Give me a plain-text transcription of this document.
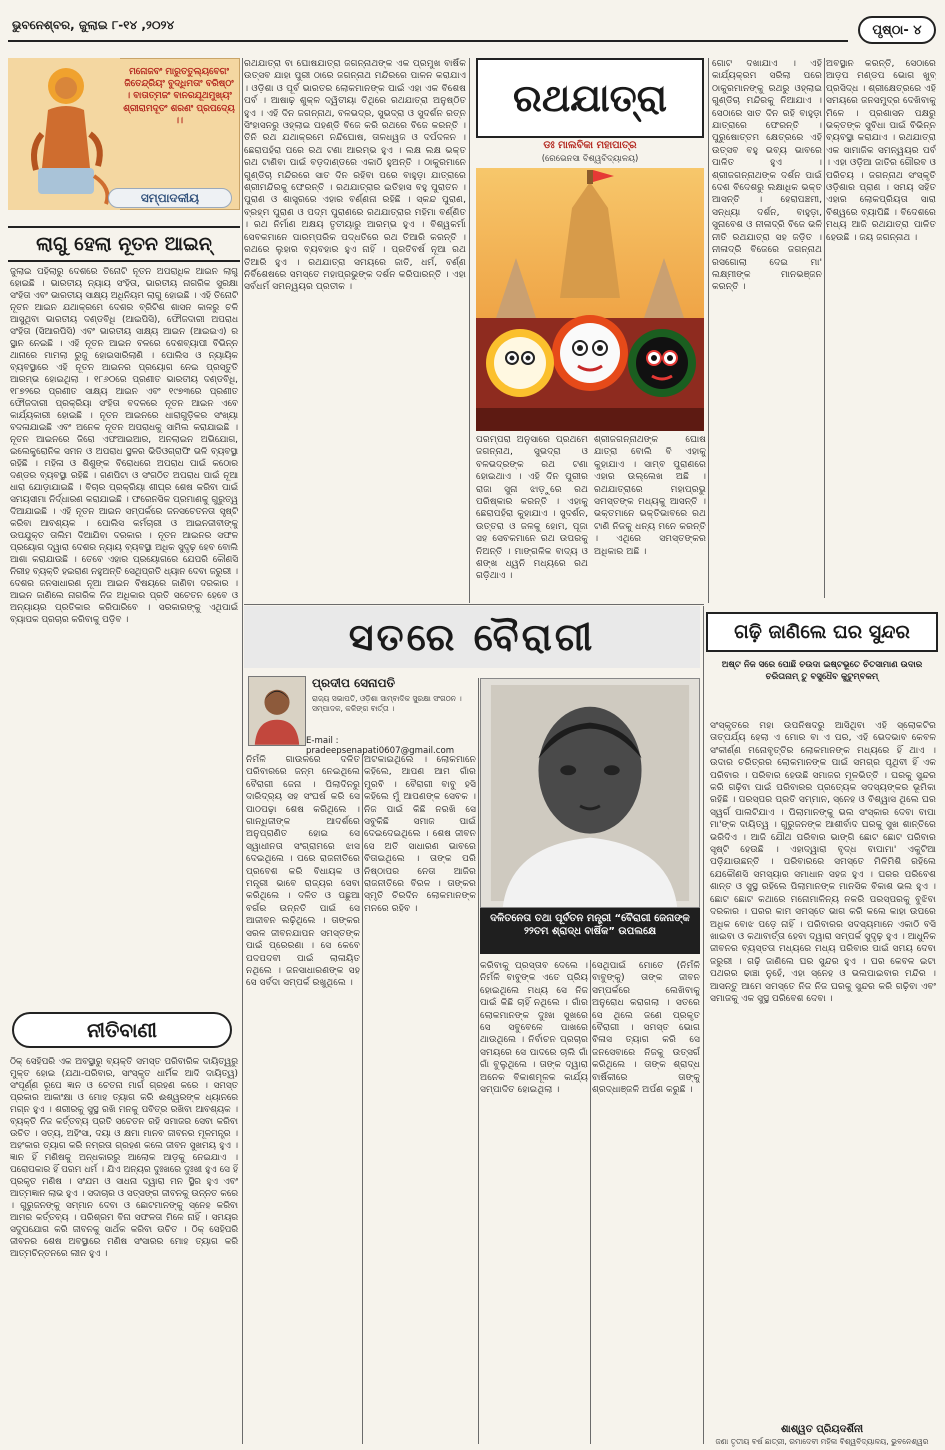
ଭୁବନେଶ୍ବର, ଜୁଲାଇ ୮-୧୪ ,୨୦୨୪	ପୃଷ୍ଠା- ୪
ମନୋଜବଂ ମାରୁତତୁଲ୍ୟବେଗଂ ଜିତେନ୍ଦ୍ରିୟଂ ବୁଦ୍ଧିମତାଂ ବରିଷ୍ଠଂ । ବାତାତ୍ମଜଂ ବାନରଯୂଥମୁଖ୍ୟଂ ଶ୍ରୀରାମଦୂତଂ ଶରଣଂ ପ୍ରପଦ୍ୟେ ।।
ସମ୍ପାଦକୀୟ
ଲାଗୁ ହେଲା ନୂତନ ଆଇନ୍
ଜୁଲାଇ ପହିଲାରୁ ଦେଶରେ ତିନୋଟି ନୂତନ ଅପରାଧିକ ଆଇନ ଲାଗୁ ହୋଇଛି । ଭାରତୀୟ ନ୍ୟାୟ ସଂହିତା, ଭାରତୀୟ ନାଗରିକ ସୁରକ୍ଷା ସଂହିତା ଏବଂ ଭାରତୀୟ ସାକ୍ଷ୍ୟ ଅଧିନିୟମ ଲାଗୁ ହୋଇଛି । ଏହି ତିନୋଟି ନୂତନ ଆଇନ ଯଥାକ୍ରମେ ଦେଶର ବ୍ରିଟିଶ ଶାସନ କାଳରୁ ଚଳି ଆସୁଥିବା ଭାରତୀୟ ଦଣ୍ଡବିଧି (ଆଇପିସି), ଫୌଜଦାରୀ ଅପରାଧ ସଂହିତା (ସିଆରପିସି) ଏବଂ ଭାରତୀୟ ସାକ୍ଷ୍ୟ ଆଇନ (ଆଇଇଏ) ର ସ୍ଥାନ ନେଇଛି । ଏହି ନୂତନ ଆଇନ ବଳରେ ଦେଶବ୍ୟାପୀ ବିଭିନ୍ନ ଥାନାରେ ମାମଲା ରୁଜୁ ହୋଇସାରିଲାଣି । ପୋଲିସ ଓ ନ୍ୟାୟିକ ବ୍ୟବସ୍ଥାରେ ଏହି ନୂତନ ଆଇନର ପ୍ରୟୋଗ ନେଇ ପ୍ରସ୍ତୁତି ଆରମ୍ଭ ହୋଇଥିଲା । ୧୮୬୦ରେ ପ୍ରଣୀତ ଭାରତୀୟ ଦଣ୍ଡବିଧି, ୧୮୭୨ରେ ପ୍ରଣୀତ ସାକ୍ଷ୍ୟ ଆଇନ ଏବଂ ୧୯୭୩ରେ ପ୍ରଣୀତ ଫୌଜଦାରୀ ପ୍ରକ୍ରିୟା ସଂହିତା ବଦଳରେ ନୂତନ ଆଇନ ଏବେ କାର୍ଯ୍ୟକାରୀ ହୋଇଛି । ନୂତନ ଆଇନରେ ଧାରାଗୁଡ଼ିକର ସଂଖ୍ୟା ବଦଳାଯାଇଛି ଏବଂ ଅନେକ ନୂତନ ଅପରାଧକୁ ସାମିଲ କରାଯାଇଛି । ନୂତନ ଆଇନରେ ଜିରୋ ଏଫଆଇଆର, ଅନଲାଇନ ଅଭିଯୋଗ, ଇଲେକ୍ଟ୍ରୋନିକ ସମନ ଓ ଅପରାଧ ସ୍ଥଳର ଭିଡିଓଗ୍ରାଫି ଭଳି ବ୍ୟବସ୍ଥା ରହିଛି । ମହିଳା ଓ ଶିଶୁଙ୍କ ବିରୋଧରେ ଅପରାଧ ପାଇଁ କଠୋର ଦଣ୍ଡର ବ୍ୟବସ୍ଥା ରହିଛି । ଗଣପିଟା ଓ ସଂଗଠିତ ଅପରାଧ ପାଇଁ ନୂଆ ଧାରା ଯୋଡ଼ାଯାଇଛି । ବିଚାର ପ୍ରକ୍ରିୟା ଶୀଘ୍ର ଶେଷ କରିବା ପାଇଁ ସମୟସୀମା ନିର୍ଦ୍ଧାରଣ କରାଯାଇଛି । ଫରେନସିକ ପ୍ରମାଣକୁ ଗୁରୁତ୍ୱ ଦିଆଯାଇଛି । ଏହି ନୂତନ ଆଇନ ସମ୍ପର୍କରେ ଜନସଚେତନତା ସୃଷ୍ଟି କରିବା ଆବଶ୍ୟକ । ପୋଲିସ କର୍ମଚାରୀ ଓ ଆଇନଜୀବୀଙ୍କୁ ଉପଯୁକ୍ତ ତାଲିମ ଦିଆଯିବା ଦରକାର । ନୂତନ ଆଇନର ସଫଳ ପ୍ରୟୋଗ ଦ୍ୱାରା ଦେଶର ନ୍ୟାୟ ବ୍ୟବସ୍ଥା ଅଧିକ ସୁଦୃଢ଼ ହେବ ବୋଲି ଆଶା କରାଯାଉଛି । ତେବେ ଏହାର ପ୍ରୟୋଗରେ ଯେପରି କୌଣସି ନିରୀହ ବ୍ୟକ୍ତି ହଇରାଣ ନହୁଅନ୍ତି ସେଥିପ୍ରତି ଧ୍ୟାନ ଦେବା ଜରୁରୀ । ଦେଶର ଜନସାଧାରଣ ନୂଆ ଆଇନ ବିଷୟରେ ଜାଣିବା ଦରକାର । ଆଇନ ଜାଣିଲେ ନାଗରିକ ନିଜ ଅଧିକାର ପ୍ରତି ସଚେତନ ହେବେ ଓ ଅନ୍ୟାୟର ପ୍ରତିକାର କରିପାରିବେ । ସରକାରଙ୍କୁ ଏଥିପାଇଁ ବ୍ୟାପକ ପ୍ରଚାର କରିବାକୁ ପଡ଼ିବ ।
ନୀତିବାଣୀ
ଠିକ୍ ସେହିପରି ଏକ ଅବସ୍ଥାରୁ ବ୍ୟକ୍ତି ସମସ୍ତ ପରିବାରିକ ଦାୟିତ୍ୱରୁ ମୁକ୍ତ ହୋଇ (ଯଥା-ପରିବାର, ସାଂସ୍କୃତ ଧାର୍ମିକ ଆଦି ଦାୟିତ୍ୱ) ସଂପୂର୍ଣ୍ଣ ରୂପେ ଜ୍ଞାନ ଓ ଚେତନା ମାର୍ଗ ଗ୍ରହଣ କରେ । ସମସ୍ତ ପ୍ରକାର ଆକାଂକ୍ଷା ଓ ମୋହ ତ୍ୟାଗ କରି ଈଶ୍ୱରଙ୍କ ଧ୍ୟାନରେ ମଗ୍ନ ହୁଏ । ଶରୀରକୁ ସୁସ୍ଥ ରଖି ମନକୁ ପବିତ୍ର ରଖିବା ଆବଶ୍ୟକ । ବ୍ୟକ୍ତି ନିଜ କର୍ତ୍ତବ୍ୟ ପ୍ରତି ସଚେତନ ରହି ସମାଜର ସେବା କରିବା ଉଚିତ । ସତ୍ୟ, ଅହିଂସା, ଦୟା ଓ କ୍ଷମା ମାନବ ଜୀବନର ମୂଳମନ୍ତ୍ର । ଅହଂକାର ତ୍ୟାଗ କରି ନମ୍ରତା ଗ୍ରହଣ କଲେ ଜୀବନ ସୁଖମୟ ହୁଏ । ଜ୍ଞାନ ହିଁ ମଣିଷକୁ ଅନ୍ଧକାରରୁ ଆଲୋକ ଆଡ଼କୁ ନେଇଯାଏ । ପରୋପକାର ହିଁ ପରମ ଧର୍ମ । ଯିଏ ଅନ୍ୟର ଦୁଃଖରେ ଦୁଃଖୀ ହୁଏ ସେ ହିଁ ପ୍ରକୃତ ମଣିଷ । ସଂଯମ ଓ ସାଧନା ଦ୍ୱାରା ମନ ସ୍ଥିର ହୁଏ ଏବଂ ଆତ୍ମଜ୍ଞାନ ଲାଭ ହୁଏ । ସଦାଚାର ଓ ସତ୍‌ସଙ୍ଗ ଜୀବନକୁ ଉନ୍ନତ କରେ । ଗୁରୁଜନଙ୍କୁ ସମ୍ମାନ ଦେବା ଓ ଛୋଟମାନଙ୍କୁ ସ୍ନେହ କରିବା ଆମର କର୍ତ୍ତବ୍ୟ । ପରିଶ୍ରମ ବିନା ସଫଳତା ମିଳେ ନାହିଁ । ସମୟର ସଦୁପଯୋଗ କରି ଜୀବନକୁ ସାର୍ଥକ କରିବା ଉଚିତ । ଠିକ୍ ସେହିପରି ଜୀବନର ଶେଷ ଅବସ୍ଥାରେ ମଣିଷ ସଂସାରର ମୋହ ତ୍ୟାଗ କରି ଆତ୍ମଚିନ୍ତନରେ ଲୀନ ହୁଏ ।
ରଥଯାତ୍ରା ବା ଘୋଷଯାତ୍ରା ଜଗନ୍ନାଥଙ୍କ ଏକ ପ୍ରମୁଖ ବାର୍ଷିକ ଉତ୍ସବ ଯାହା ପୁରୀ ଠାରେ ଜଗନ୍ନାଥ ମନ୍ଦିରରେ ପାଳନ କରାଯାଏ । ଓଡ଼ିଶା ଓ ପୂର୍ବ ଭାରତର ଲୋକମାନଙ୍କ ପାଇଁ ଏହା ଏକ ବିଶେଷ ପର୍ବ । ଆଷାଢ଼ ଶୁକ୍ଳ ଦ୍ୱିତୀୟା ତିଥିରେ ରଥଯାତ୍ରା ଅନୁଷ୍ଠିତ ହୁଏ । ଏହି ଦିନ ଜଗନ୍ନାଥ, ବଳଭଦ୍ର, ସୁଭଦ୍ରା ଓ ସୁଦର୍ଶନ ରତ୍ନ ସିଂହାସନରୁ ଓହ୍ଲାଇ ପହଣ୍ଡି ବିଜେ କରି ରଥରେ ବିଜେ କରନ୍ତି । ତିନି ରଥ ଯଥାକ୍ରମେ ନନ୍ଦିଘୋଷ, ତାଳଧ୍ୱଜ ଓ ଦର୍ପଦଳନ । ଛେରାପହଁରା ପରେ ରଥ ଟଣା ଆରମ୍ଭ ହୁଏ । ଲକ୍ଷ ଲକ୍ଷ ଭକ୍ତ ରଥ ଟାଣିବା ପାଇଁ ବଡ଼ଦାଣ୍ଡରେ ଏକାଠି ହୁଅନ୍ତି । ଠାକୁରମାନେ ଗୁଣ୍ଡିଚା ମନ୍ଦିରରେ ସାତ ଦିନ ରହିବା ପରେ ବାହୁଡ଼ା ଯାତ୍ରାରେ ଶ୍ରୀମନ୍ଦିରକୁ ଫେରନ୍ତି । ରଥଯାତ୍ରାର ଇତିହାସ ବହୁ ପୁରାତନ । ପୁରାଣ ଓ ଶାସ୍ତ୍ରରେ ଏହାର ବର୍ଣ୍ଣନା ରହିଛି । ସ୍କନ୍ଦ ପୁରାଣ, ବ୍ରହ୍ମ ପୁରାଣ ଓ ପଦ୍ମ ପୁରାଣରେ ରଥଯାତ୍ରାର ମହିମା ବର୍ଣ୍ଣିତ । ରଥ ନିର୍ମାଣ ଅକ୍ଷୟ ତୃତୀୟାରୁ ଆରମ୍ଭ ହୁଏ । ବିଶ୍ୱକର୍ମା ସେବକମାନେ ପାରମ୍ପରିକ ପଦ୍ଧତିରେ ରଥ ତିଆରି କରନ୍ତି । ରଥରେ ଲୁହାର ବ୍ୟବହାର ହୁଏ ନାହିଁ । ପ୍ରତିବର୍ଷ ନୂଆ ରଥ ତିଆରି ହୁଏ । ରଥଯାତ୍ରା ସମୟରେ ଜାତି, ଧର୍ମ, ବର୍ଣ୍ଣ ନିର୍ବିଶେଷରେ ସମସ୍ତେ ମହାପ୍ରଭୁଙ୍କ ଦର୍ଶନ କରିପାରନ୍ତି । ଏହା ସର୍ବଧର୍ମ ସମନ୍ୱୟର ପ୍ରତୀକ ।
ରଥଯାତ୍ରା
ଡଃ ମାଲବିକା ମହାପାତ୍ର
(ରେଭେନସା ବିଶ୍ୱବିଦ୍ୟାଳୟ)
ପରମ୍ପରା ଅନୁସାରେ ପ୍ରଥମେ ଜଗନ୍ନାଥ, ସୁଭଦ୍ରା ଓ ବଳଭଦ୍ରଙ୍କ ରଥ ଟଣା ହୋଇଥାଏ । ଏହି ଦିନ ପୁରୀର ରାଜା ସୁନା ଝାଡ଼ୁରେ ରଥ ପରିଷ୍କାର କରନ୍ତି । ଏହାକୁ ଛେରାପହଁରା କୁହାଯାଏ । ସୁଦର୍ଶନ, ଉତ୍ତରା ଓ ଜଳକୁ ହୋମ, ପୂଜା ସହ ସେବକମାନେ ରଥ ଉପରକୁ ନିଅନ୍ତି । ମାଙ୍ଗଳିକ ବାଦ୍ୟ ଓ ଶଙ୍ଖ ଧ୍ୱନି ମଧ୍ୟରେ ରଥ ଗଡ଼ିଥାଏ ।
ଶ୍ରୀଜଗନ୍ନାଥଙ୍କ ଘୋଷ ଯାତ୍ରା ବୋଲି ବି ଏହାକୁ କୁହାଯାଏ । ସାମ୍ବ ପୁରାଣରେ ଏହାର ଉଲ୍ଲେଖ ଅଛି । ରଥଯାତ୍ରାରେ ମହାପ୍ରଭୁ ସମସ୍ତଙ୍କ ମଧ୍ୟକୁ ଆସନ୍ତି । ଭକ୍ତମାନେ ଭକ୍ତିଭାବରେ ରଥ ଟାଣି ନିଜକୁ ଧନ୍ୟ ମନେ କରନ୍ତି । ଏଥିରେ ସମସ୍ତଙ୍କର ଅଧିକାର ଅଛି ।
ଗୋଟ ଦଖାଯାଏ । ଏହି କାର୍ଯ୍ୟକ୍ରମ ସରିଲା ପରେ ଠାକୁରମାନଙ୍କୁ ରଥରୁ ଓହ୍ଲାଇ ଗୁଣ୍ଡିଚା ମନ୍ଦିରକୁ ନିଆଯାଏ । ସେଠାରେ ସାତ ଦିନ ରହି ବାହୁଡ଼ା ଯାତ୍ରାରେ ଫେରନ୍ତି । ପୁରୁଷୋତ୍ତମ କ୍ଷେତ୍ରରେ ଏହି ଉତ୍ସବ ବହୁ ଭବ୍ୟ ଭାବରେ ପାଳିତ ହୁଏ । ଶ୍ରୀଜଗନ୍ନାଥଙ୍କ ଦର୍ଶନ ପାଇଁ ଦେଶ ବିଦେଶରୁ ଲକ୍ଷାଧିକ ଭକ୍ତ ଆସନ୍ତି । ହେରାପଞ୍ଚମୀ, ସନ୍ଧ୍ୟା ଦର୍ଶନ, ବାହୁଡ଼ା, ସୁନାବେଶ ଓ ନୀଳାଦ୍ରି ବିଜେ ଭଳି ନୀତି ରଥଯାତ୍ରା ସହ ଜଡ଼ିତ । ନୀଳାଦ୍ରି ବିଜେରେ ଜଗନ୍ନାଥ ରସଗୋଲା ଦେଇ ମା' ଲକ୍ଷ୍ମୀଙ୍କ ମାନଭଞ୍ଜନ କରନ୍ତି ।
ଅବସ୍ଥାନ କରନ୍ତି, ସେଠାରେ ଆଡ଼ପ ମଣ୍ଡପ ଭୋଗ ଖୁବ୍ ପ୍ରସିଦ୍ଧ । ଶ୍ରୀକ୍ଷେତ୍ରରେ ଏହି ସମୟରେ ଜନସମୁଦ୍ର ଦେଖିବାକୁ ମିଳେ । ପ୍ରଶାସନ ପକ୍ଷରୁ ଭକ୍ତଙ୍କ ସୁବିଧା ପାଇଁ ବିଭିନ୍ନ ବ୍ୟବସ୍ଥା କରାଯାଏ । ରଥଯାତ୍ରା ଏକ ସାମାଜିକ ସମନ୍ୱୟର ପର୍ବ । ଏହା ଓଡ଼ିଆ ଜାତିର ଗୌରବ ଓ ପରିଚୟ । ଜଗନ୍ନାଥ ସଂସ୍କୃତି ଓଡ଼ିଶାର ପ୍ରାଣ । ସମୟ ସହିତ ଏହାର ଲୋକପ୍ରିୟତା ସାରା ବିଶ୍ୱରେ ବ୍ୟାପିଛି । ବିଦେଶରେ ମଧ୍ୟ ଆଜି ରଥଯାତ୍ରା ପାଳିତ ହେଉଛି । ଜୟ ଜଗନ୍ନାଥ ।
ସତରେ ବୈରାଗୀ
ପ୍ରଦୀପ ସେନାପତି
ରାଜ୍ୟ ସଭାପତି, ଓଡ଼ିଶା ସାମ୍ବାଦିକ ସୁରକ୍ଷା ସଂଗଠନ । ସମ୍ପାଦକ, କଳିଙ୍ଗ ବାର୍ତ୍ତା ।
E-mail : pradeepsenapati0607@gmail.com
ନିର୍ମଳି ଗାଉଳରେ ଦଳିତ ପରିବାରରେ ଜନ୍ମ ନେଇଥିଲେ ବୈରାଗୀ ଜେନା । ପିଲାଦିନରୁ ଦାରିଦ୍ର୍ୟ ସହ ସଂଘର୍ଷ କରି ସେ ପାଠପଢ଼ା ଶେଷ କରିଥିଲେ । ଗାନ୍ଧିଜୀଙ୍କ ଆଦର୍ଶରେ ଅନୁପ୍ରାଣିତ ହୋଇ ସେ ସ୍ୱାଧୀନତା ସଂଗ୍ରାମରେ ଝାସ ଦେଇଥିଲେ । ପରେ ରାଜନୀତିରେ ପ୍ରବେଶ କରି ବିଧାୟକ ଓ ମନ୍ତ୍ରୀ ଭାବେ ରାଜ୍ୟର ସେବା କରିଥିଲେ । ଦଳିତ ଓ ପଛୁଆ ବର୍ଗର ଉନ୍ନତି ପାଇଁ ସେ ଆଜୀବନ ଲଢ଼ିଥିଲେ । ତାଙ୍କର ସରଳ ଜୀବନଯାପନ ସମସ୍ତଙ୍କ ପାଇଁ ପ୍ରେରଣା । ସେ କେବେ ପଦପଦବୀ ପାଇଁ ଲାଳାୟିତ ନଥିଲେ । ଜନସାଧାରଣଙ୍କ ସହ ସେ ସର୍ବଦା ସମ୍ପର୍କ ରଖୁଥିଲେ ।
ଅଟକାଇଥିଲେ । ଲୋକମାନେ କହିଲେ, ଆପଣ ଆମ ଗାଁର ମୁରବି । ବୈରାଗୀ ବାବୁ ହସି କହିଲେ ମୁଁ ଆପଣଙ୍କ ସେବକ । ନିଜ ପାଇଁ କିଛି ନରଖି ସେ ସବୁକିଛି ସମାଜ ପାଇଁ ଦେଇଦେଇଥିଲେ । ଶେଷ ଜୀବନ ସେ ଅତି ସାଧାରଣ ଭାବରେ ବିତାଇଥିଲେ । ତାଙ୍କ ପରି ନିଷ୍ଠାପର ନେତା ଆଜିର ରାଜନୀତିରେ ବିରଳ । ତାଙ୍କର ସ୍ମୃତି ଚିରଦିନ ଲୋକମାନଙ୍କ ମନରେ ରହିବ ।
ଦଳିତନେତା ତଥା ପୂର୍ବତନ ମନ୍ତ୍ରୀ “ବୈରାଗୀ ଜେନାଙ୍କ ୨୨ତମ ଶ୍ରାଦ୍ଧ ବାର୍ଷିକ” ଉପଲକ୍ଷେ
କରିବାକୁ ପ୍ରସ୍ତାବ ଦେଲେ । ନିର୍ମଳି ବାବୁଙ୍କ ଏତେ ପ୍ରିୟ ହୋଇଥିଲେ ମଧ୍ୟ ସେ ନିଜ ପାଇଁ କିଛି ଚାହିଁ ନଥିଲେ । ଗାଁର ଲୋକମାନଙ୍କ ଦୁଃଖ ସୁଖରେ ସେ ସବୁବେଳେ ପାଖରେ ଥାଉଥିଲେ । ନିର୍ବାଚନ ପ୍ରଚାର ସମୟରେ ସେ ପାଦରେ ଚାଲି ଗାଁ ଗାଁ ବୁଲୁଥିଲେ । ତାଙ୍କ ଦ୍ୱାରା ଅନେକ ବିକାଶମୂଳକ କାର୍ଯ୍ୟ ସମ୍ପାଦିତ ହୋଇଥିଲା ।
ସେଥିପାଇଁ ମୋତେ (ନିର୍ମଳି ବାବୁଙ୍କୁ) ତାଙ୍କ ଜୀବନ ସମ୍ପର୍କରେ ଲେଖିବାକୁ ଅନୁରୋଧ କରାଗଲା । ସତରେ ସେ ଥିଲେ ଜଣେ ପ୍ରକୃତ ବୈରାଗୀ । ସମସ୍ତ ଭୋଗ ବିଳାସ ତ୍ୟାଗ କରି ସେ ଜନସେବାରେ ନିଜକୁ ଉତ୍ସର୍ଗ କରିଥିଲେ । ତାଙ୍କ ଶ୍ରାଦ୍ଧ ବାର୍ଷିକୀରେ ତାଙ୍କୁ ଶ୍ରଦ୍ଧାଞ୍ଜଳି ଅର୍ପଣ କରୁଛି ।
ଗଢ଼ି ଜାଣିଲେ ଘର ସୁନ୍ଦର
ଅଷ୍ଟ ନିଜ ସରେ ପୋଛି ଚଉଦା ଇଷ୍ଟଭୂତେ ଚିତସାମାଣ ଉଦାର ଚରିତାନାମ୍ ତୁ ବସୁଧୈବ କୁଟୁମ୍ବକମ୍
ସଂସ୍କୃତରେ ମହା ଉପନିଷଦରୁ ଆସିଥିବା ଏହି ସ୍ଲୋକଟିର ତାତ୍ପର୍ଯ୍ୟ ହେଲା ଏ ମୋର ବା ଏ ପର, ଏହି ଭେଦଭାବ କେବଳ ସଂକୀର୍ଣ୍ଣ ମନୋବୃତ୍ତିର ଲୋକମାନଙ୍କ ମଧ୍ୟରେ ହିଁ ଥାଏ । ଉଦାର ଚରିତ୍ରର ଲୋକମାନଙ୍କ ପାଇଁ ସମଗ୍ର ପୃଥିବୀ ହିଁ ଏକ ପରିବାର । ପରିବାର ହେଉଛି ସମାଜର ମୂଳଭିତ୍ତି । ଘରକୁ ସୁନ୍ଦର କରି ଗଢ଼ିବା ପାଇଁ ପରିବାରର ପ୍ରତ୍ୟେକ ସଦସ୍ୟଙ୍କର ଭୂମିକା ରହିଛି । ପରସ୍ପର ପ୍ରତି ସମ୍ମାନ, ସ୍ନେହ ଓ ବିଶ୍ୱାସ ଥିଲେ ଘର ସ୍ୱର୍ଗ ପାଲଟିଯାଏ । ପିଲାମାନଙ୍କୁ ଭଲ ସଂସ୍କାର ଦେବା ବାପା ମା'ଙ୍କ ଦାୟିତ୍ୱ । ଗୁରୁଜନଙ୍କ ଆଶୀର୍ବାଦ ଘରକୁ ସୁଖ ଶାନ୍ତିରେ ଭରିଦିଏ । ଆଜି ଯୌଥ ପରିବାର ଭାଙ୍ଗି ଛୋଟ ଛୋଟ ପରିବାର ସୃଷ୍ଟି ହେଉଛି । ଏହାଦ୍ୱାରା ବୃଦ୍ଧ ବାପାମା' ଏକୁଟିଆ ପଡ଼ିଯାଉଛନ୍ତି । ପରିବାରରେ ସମସ୍ତେ ମିଳିମିଶି ରହିଲେ ଯେକୌଣସି ସମସ୍ୟାର ସମାଧାନ ସହଜ ହୁଏ । ଘରର ପରିବେଶ ଶାନ୍ତ ଓ ସୁସ୍ଥ ରହିଲେ ପିଲାମାନଙ୍କ ମାନସିକ ବିକାଶ ଭଲ ହୁଏ । ଛୋଟ ଛୋଟ କଥାରେ ମନୋମାଳିନ୍ୟ ନକରି ପରସ୍ପରକୁ ବୁଝିବା ଦରକାର । ଘରର କାମ ସମସ୍ତେ ଭାଗ କରି କଲେ କାହା ଉପରେ ଅଧିକ ବୋଝ ପଡ଼େ ନାହିଁ । ପରିବାରର ସଦସ୍ୟମାନେ ଏକାଠି ବସି ଖାଇବା ଓ କଥାବାର୍ତ୍ତା ହେବା ଦ୍ୱାରା ସମ୍ପର୍କ ସୁଦୃଢ଼ ହୁଏ । ଆଧୁନିକ ଜୀବନର ବ୍ୟସ୍ତତା ମଧ୍ୟରେ ମଧ୍ୟ ପରିବାର ପାଇଁ ସମୟ ଦେବା ଜରୁରୀ । ଗଢ଼ି ଜାଣିଲେ ଘର ସୁନ୍ଦର ହୁଏ । ଘର କେବଳ ଇଟା ପଥରର ଢାଞ୍ଚା ନୁହେଁ, ଏହା ସ୍ନେହ ଓ ଭଲପାଇବାର ମନ୍ଦିର । ଆସନ୍ତୁ ଆମେ ସମସ୍ତେ ନିଜ ନିଜ ଘରକୁ ସୁନ୍ଦର କରି ଗଢ଼ିବା ଏବଂ ସମାଜକୁ ଏକ ସୁସ୍ଥ ପରିବେଶ ଦେବା ।
ଶାଶ୍ୱତ ପ୍ରିୟଦର୍ଶିନୀ
ଜଣା ତୃତୀୟ ବର୍ଷ ଛାତ୍ରୀ, ରମାଦେବୀ ମହିଳା ବିଶ୍ୱବିଦ୍ୟାଳୟ, ଭୁବନେଶ୍ୱର
